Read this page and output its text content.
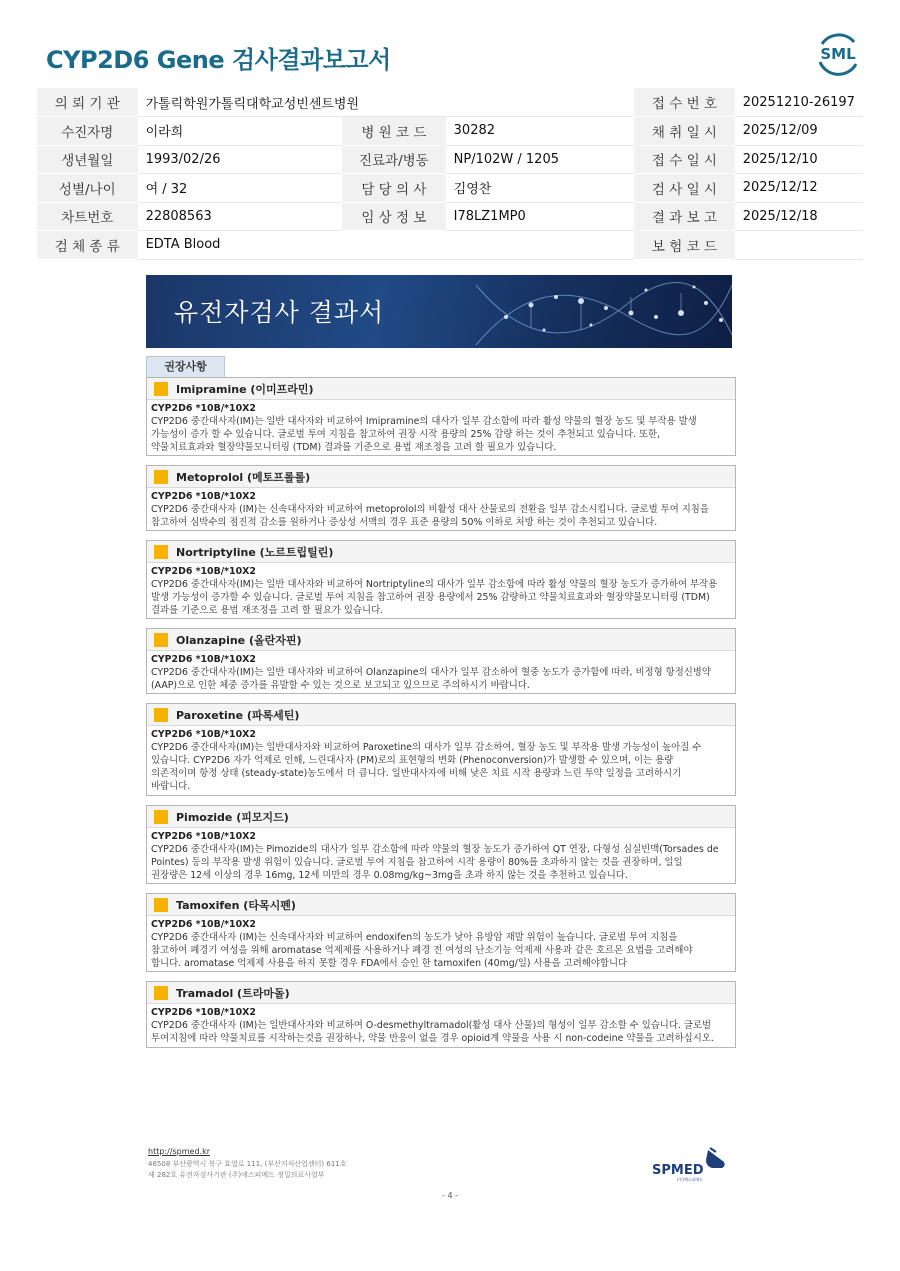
CYP2D6 Gene 검사결과보고서	SML
의 뢰 기 관	가톨릭학원가톨릭대학교성빈센트병원			접 수 번 호	20251210-26197
수진자명	이라희	병 원 코 드	30282	채 취 일 시	2025/12/09
생년월일	1993/02/26	진료과/병동	NP/102W / 1205	접 수 일 시	2025/12/10
성별/나이	여 / 32	담 당 의 사	김영찬	검 사 일 시	2025/12/12
차트번호	22808563	임 상 정 보	I78LZ1MP0	결 과 보 고	2025/12/18
검 체 종 류	EDTA Blood			보 험 코 드	
유전자검사 결과서
권장사항
Imipramine (이미프라민)
CYP2D6 *10B/*10X2
CYP2D6 중간대사자(IM)는 일반 대사자와 비교하여 Imipramine의 대사가 일부 감소함에 따라 활성 약물의 혈장 농도 및 부작용 발생
가능성이 증가 할 수 있습니다. 글로벌 투여 지침을 참고하여 권장 시작 용량의 25% 감량 하는 것이 추천되고 있습니다. 또한,
약물치료효과와 혈장약물모니터링 (TDM) 결과를 기준으로 용법 재조정을 고려 할 필요가 있습니다.
Metoprolol (메토프롤롤)
CYP2D6 *10B/*10X2
CYP2D6 중간대사자 (IM)는 신속대사자와 비교하여 metoprolol의 비활성 대사 산물로의 전환을 일부 감소시킵니다. 글로벌 투여 지침을
참고하여 심박수의 점진적 감소를 원하거나 증상성 서맥의 경우 표준 용량의 50% 이하로 처방 하는 것이 추천되고 있습니다.
Nortriptyline (노르트립틸린)
CYP2D6 *10B/*10X2
CYP2D6 중간대사자(IM)는 일반 대사자와 비교하여 Nortriptyline의 대사가 일부 감소함에 따라 활성 약물의 혈장 농도가 증가하여 부작용
발생 가능성이 증가할 수 있습니다. 글로벌 투여 지침을 참고하여 권장 용량에서 25% 감량하고 약물치료효과와 혈장약물모니터링 (TDM)
결과를 기준으로 용법 재조정을 고려 할 필요가 있습니다.
Olanzapine (올란자핀)
CYP2D6 *10B/*10X2
CYP2D6 중간대사자(IM)는 일반 대사자와 비교하여 Olanzapine의 대사가 일부 감소하여 혈중 농도가 증가함에 따라, 비정형 항정신병약
(AAP)으로 인한 체중 증가를 유발할 수 있는 것으로 보고되고 있으므로 주의하시기 바랍니다.
Paroxetine (파록세틴)
CYP2D6 *10B/*10X2
CYP2D6 중간대사자(IM)는 일반대사자와 비교하여 Paroxetine의 대사가 일부 감소하여, 혈장 농도 및 부작용 발생 가능성이 높아질 수
있습니다. CYP2D6 자가 억제로 인해, 느린대사자 (PM)로의 표현형의 변화 (Phenoconversion)가 발생할 수 있으며, 이는 용량
의존적이며 항정 상태 (steady-state)농도에서 더 큽니다. 일반대사자에 비해 낮은 치료 시작 용량과 느린 투약 일정을 고려하시기
바랍니다.
Pimozide (피모지드)
CYP2D6 *10B/*10X2
CYP2D6 중간대사자(IM)는 Pimozide의 대사가 일부 감소함에 따라 약물의 혈장 농도가 증가하여 QT 연장, 다형성 심실빈맥(Torsades de
Pointes) 등의 부작용 발생 위험이 있습니다. 글로벌 투여 지침을 참고하여 시작 용량이 80%를 초과하지 않는 것을 권장하며, 일일
권장량은 12세 이상의 경우 16mg, 12세 미만의 경우 0.08mg/kg~3mg을 초과 하지 않는 것을 추천하고 있습니다.
Tamoxifen (타목시펜)
CYP2D6 *10B/*10X2
CYP2D6 중간대사자 (IM)는 신속대사자와 비교하여 endoxifen의 농도가 낮아 유방암 재발 위험이 높습니다. 글로벌 투여 지침을
참고하여 폐경기 여성을 위해 aromatase 억제제를 사용하거나 폐경 전 여성의 난소기능 억제제 사용과 같은 호르몬 요법을 고려해야
합니다. aromatase 억제제 사용을 하지 못할 경우 FDA에서 승인 한 tamoxifen (40mg/일) 사용을 고려해야합니다
Tramadol (트라마돌)
CYP2D6 *10B/*10X2
CYP2D6 중간대사자 (IM)는 일반대사자와 비교하여 O-desmethyltramadol(활성 대사 산물)의 형성이 일부 감소할 수 있습니다. 글로벌
투여지침에 따라 약물치료를 시작하는것을 권장하나, 약물 반응이 없을 경우 opioid계 약물을 사용 시 non-codeine 약물을 고려하십시오.
http://spmed.kr
46508 부산광역시 북구 효열로 111, (부산지식산업센터) 611호
제 282호 유전자검사기관 (주)에스피메드 정밀의료사업부	SPMED
(주)에스피메드
- 4 -
